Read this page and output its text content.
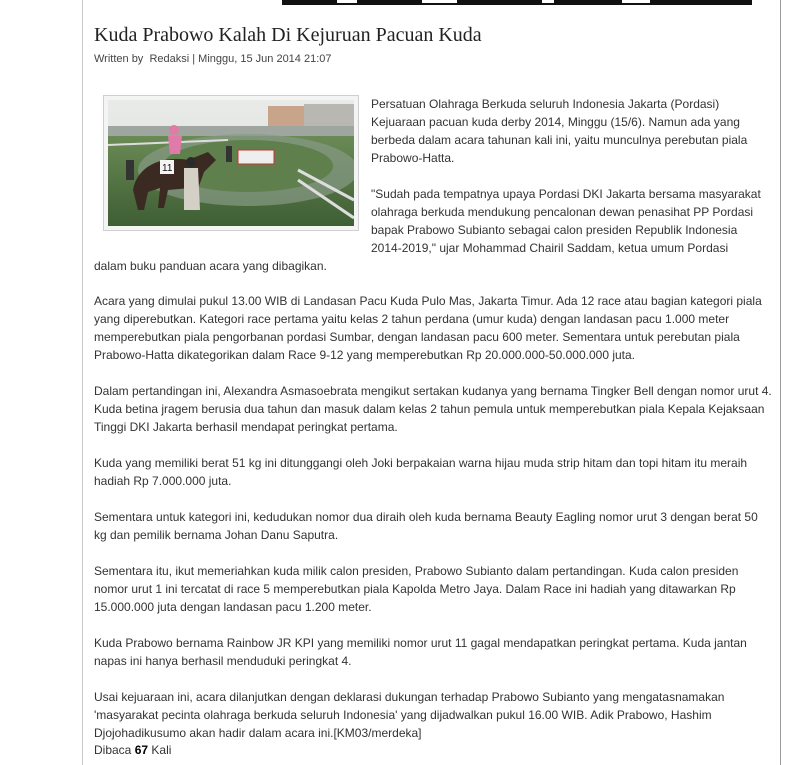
Kuda Prabowo Kalah Di Kejuruan Pacuan Kuda
Written by Redaksi | Minggu, 15 Jun 2014 21:07
11

Persatuan Olahraga Berkuda seluruh Indonesia Jakarta (Pordasi) Kejuaraan pacuan kuda derby 2014, Minggu (15/6). Namun ada yang berbeda dalam acara tahunan kali ini, yaitu munculnya perebutan piala Prabowo-Hatta.

"Sudah pada tempatnya upaya Pordasi DKI Jakarta bersama masyarakat olahraga berkuda mendukung pencalonan dewan penasihat PP Pordasi bapak Prabowo Subianto sebagai calon presiden Republik Indonesia 2014-2019," ujar Mohammad Chairil Saddam, ketua umum Pordasi

dalam buku panduan acara yang dibagikan.

Acara yang dimulai pukul 13.00 WIB di Landasan Pacu Kuda Pulo Mas, Jakarta Timur. Ada 12 race atau bagian kategori piala yang diperebutkan. Kategori race pertama yaitu kelas 2 tahun perdana (umur kuda) dengan landasan pacu 1.000 meter memperebutkan piala pengorbanan pordasi Sumbar, dengan landasan pacu 600 meter. Sementara untuk perebutan piala Prabowo-Hatta dikategorikan dalam Race 9-12 yang memperebutkan Rp 20.000.000-50.000.000 juta.

Dalam pertandingan ini, Alexandra Asmasoebrata mengikut sertakan kudanya yang bernama Tingker Bell dengan nomor urut 4. Kuda betina jragem berusia dua tahun dan masuk dalam kelas 2 tahun pemula untuk memperebutkan piala Kepala Kejaksaan Tinggi DKI Jakarta berhasil mendapat peringkat pertama.

Kuda yang memiliki berat 51 kg ini ditunggangi oleh Joki berpakaian warna hijau muda strip hitam dan topi hitam itu meraih hadiah Rp 7.000.000 juta.

Sementara untuk kategori ini, kedudukan nomor dua diraih oleh kuda bernama Beauty Eagling nomor urut 3 dengan berat 50 kg dan pemilik bernama Johan Danu Saputra.

Sementara itu, ikut memeriahkan kuda milik calon presiden, Prabowo Subianto dalam pertandingan. Kuda calon presiden nomor urut 1 ini tercatat di race 5 memperebutkan piala Kapolda Metro Jaya. Dalam Race ini hadiah yang ditawarkan Rp 15.000.000 juta dengan landasan pacu 1.200 meter.

Kuda Prabowo bernama Rainbow JR KPI yang memiliki nomor urut 11 gagal mendapatkan peringkat pertama. Kuda jantan napas ini hanya berhasil menduduki peringkat 4.

Usai kejuaraan ini, acara dilanjutkan dengan deklarasi dukungan terhadap Prabowo Subianto yang mengatasnamakan 'masyarakat pecinta olahraga berkuda seluruh Indonesia' yang dijadwalkan pukul 16.00 WIB. Adik Prabowo, Hashim Djojohadikusumo akan hadir dalam acara ini.[KM03/merdeka]

Dibaca 67 Kali
